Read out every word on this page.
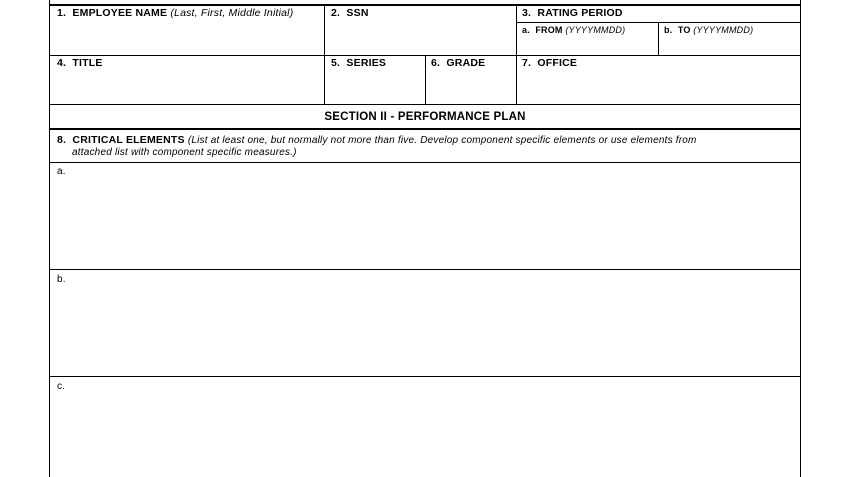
1. EMPLOYEE NAME (Last, First, Middle Initial)	2. SSN	3. RATING PERIOD
a. FROM (YYYYMMDD)	b. TO (YYYYMMDD)
4. TITLE	5. SERIES	6. GRADE	7. OFFICE
SECTION II - PERFORMANCE PLAN
8. CRITICAL ELEMENTS (List at least one, but normally not more than five. Develop component specific elements or use elements from
attached list with component specific measures.)
a.
b.
c.
